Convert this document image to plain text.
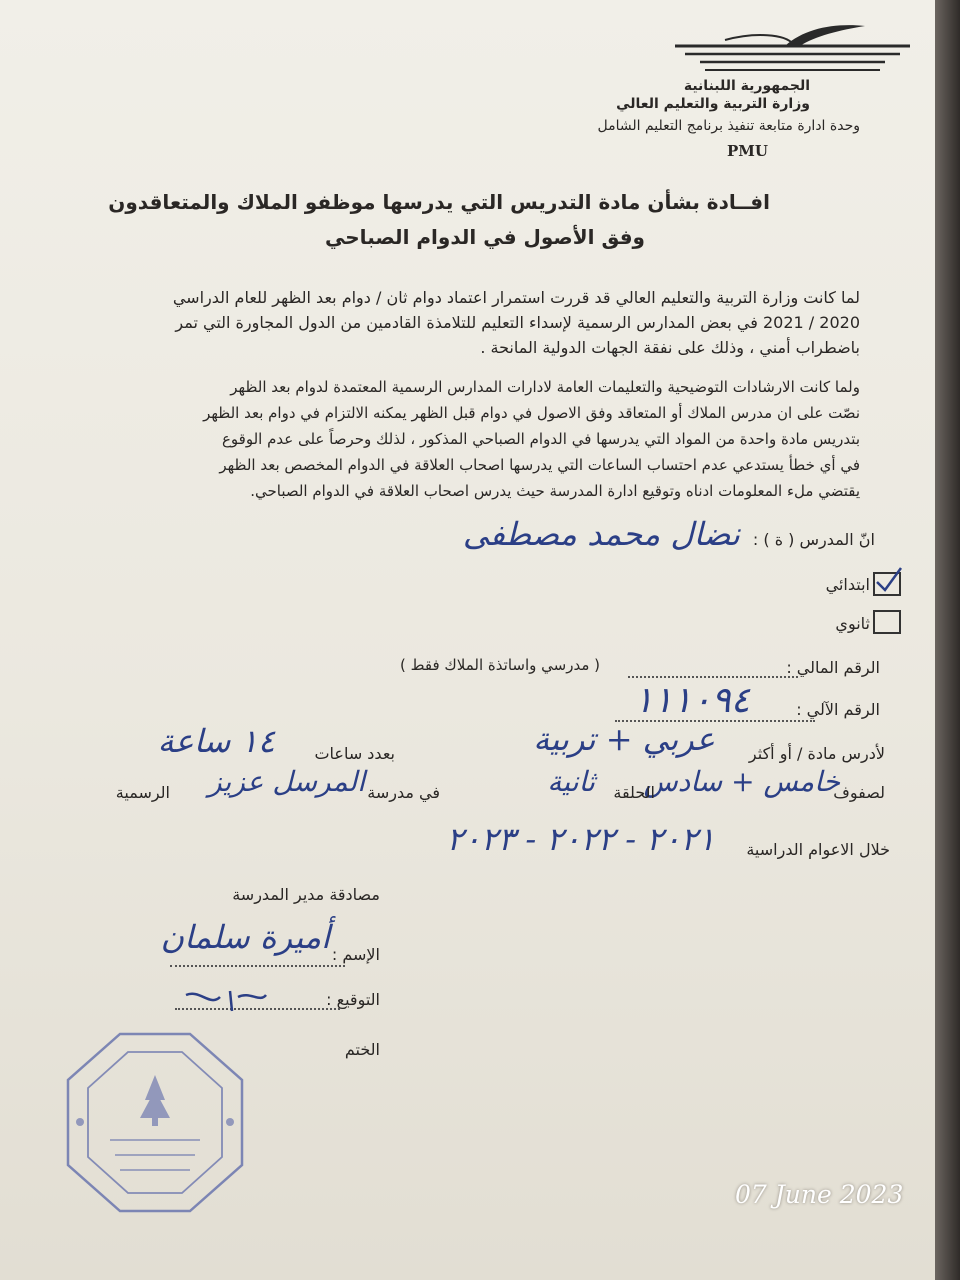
الجمهورية اللبنانية
وزارة التربية والتعليم العالي
وحدة ادارة متابعة تنفيذ برنامج التعليم الشامل
PMU
افــادة بشأن مادة التدريس التي يدرسها موظفو الملاك والمتعاقدون
وفق الأصول في الدوام الصباحي
لما كانت وزارة التربية والتعليم العالي قد قررت استمرار اعتماد دوام ثان / دوام بعد الظهر للعام الدراسي
2020 / 2021 في بعض المدارس الرسمية لإسداء التعليم للتلامذة القادمين من الدول المجاورة التي تمر
باضطراب أمني ، وذلك على نفقة الجهات الدولية المانحة .
ولما كانت الارشادات التوضيحية والتعليمات العامة لادارات المدارس الرسمية المعتمدة لدوام بعد الظهر
نصّت على ان مدرس الملاك أو المتعاقد وفق الاصول في دوام قبل الظهر يمكنه الالتزام في دوام بعد الظهر
بتدريس مادة واحدة من المواد التي يدرسها في الدوام الصباحي المذكور ، لذلك وحرصاً على عدم الوقوع
في أي خطأ يستدعي عدم احتساب الساعات التي يدرسها اصحاب العلاقة في الدوام المخصص بعد الظهر
يقتضي ملء المعلومات ادناه وتوقيع ادارة المدرسة حيث يدرس اصحاب العلاقة في الدوام الصباحي.
انّ المدرس ( ة ) :
نضال محمد مصطفى
ابتدائي
ثانوي
الرقم المالي :
( مدرسي واساتذة الملاك فقط )
الرقم الآلي :
١١١٠٩٤
لأدرس مادة / أو أكثر
عربي + تربية
بعدد ساعات
١٤ ساعة
لصفوف
خامس + سادس
الحلقة
ثانية
في مدرسة
المرسل عزيز
الرسمية
خلال الاعوام الدراسية
٢٠٢١ - ٢٠٢٢ - ٢٠٢٣
مصادقة مدير المدرسة
الإسم :
أميرة سلمان
التوقيع :
الختم
07 June 2023
